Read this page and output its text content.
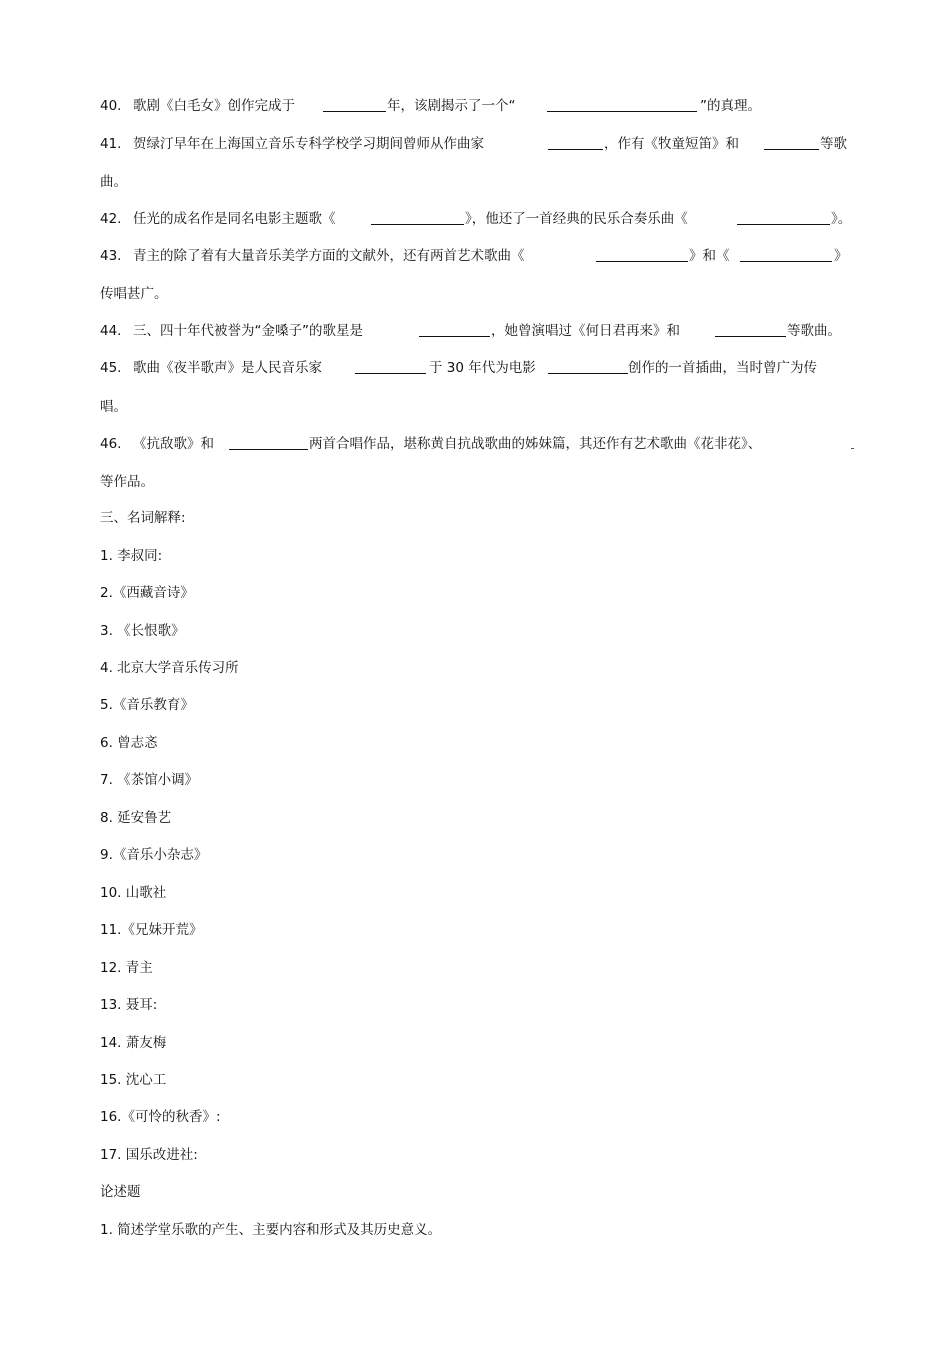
40. 歌剧《白毛女》创作完成于	年，该剧揭示了一个“	”的真理。
41. 贺绿汀早年在上海国立音乐专科学校学习期间曾师从作曲家	，作有《牧童短笛》和	等歌
曲。
42. 任光的成名作是同名电影主题歌《	》，他还了一首经典的民乐合奏乐曲《	》。
43. 青主的除了着有大量音乐美学方面的文献外，还有两首艺术歌曲《	》和《	》
传唱甚广。
44. 三、四十年代被誉为“金嗓子”的歌星是	，她曾演唱过《何日君再来》和	等歌曲。
45. 歌曲《夜半歌声》是人民音乐家	于 30 年代为电影	创作的一首插曲，当时曾广为传
唱。
46. 《抗敌歌》和	两首合唱作品，堪称黄自抗战歌曲的姊妹篇，其还作有艺术歌曲《花非花》、
等作品。
三、名词解释:
1. 李叔同:
2.《西藏音诗》
3. 《长恨歌》
4. 北京大学音乐传习所
5.《音乐教育》
6. 曾志忞
7. 《茶馆小调》
8. 延安鲁艺
9.《音乐小杂志》
10. 山歌社
11.《兄妹开荒》
12. 青主
13. 聂耳:
14. 萧友梅
15. 沈心工
16.《可怜的秋香》:
17. 国乐改进社:
论述题
1. 简述学堂乐歌的产生、主要内容和形式及其历史意义。
